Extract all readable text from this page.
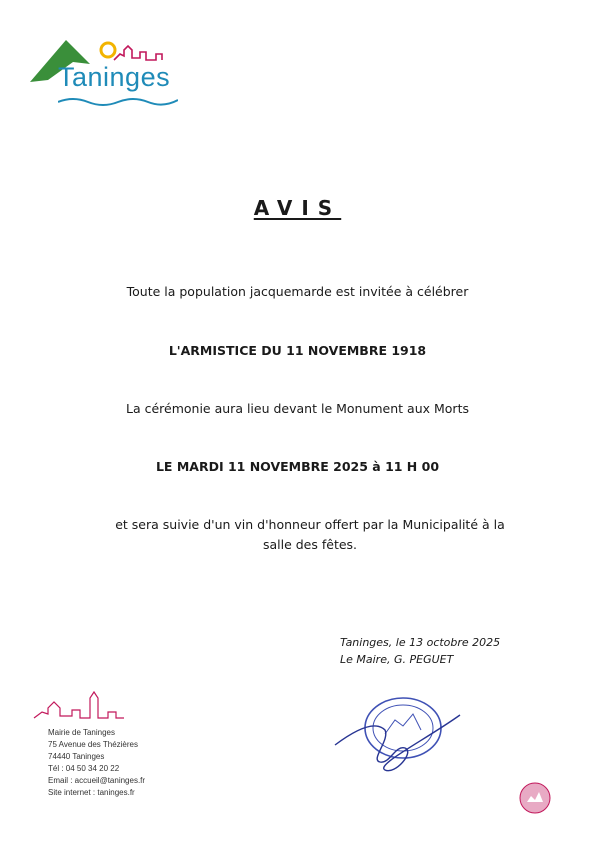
Taninges
AVIS
Toute la population jacquemarde est invitée à célébrer
L'ARMISTICE DU 11 NOVEMBRE 1918
La cérémonie aura lieu devant le Monument aux Morts
LE MARDI 11 NOVEMBRE 2025 à 11 H 00
et sera suivie d'un vin d'honneur offert par la Municipalité à la salle des fêtes.
Taninges, le 13 octobre 2025
Le Maire, G. PEGUET
Mairie de Taninges
75 Avenue des Thézières
74440 Taninges
Tél : 04 50 34 20 22
Email : accueil@taninges.fr
Site internet : taninges.fr
